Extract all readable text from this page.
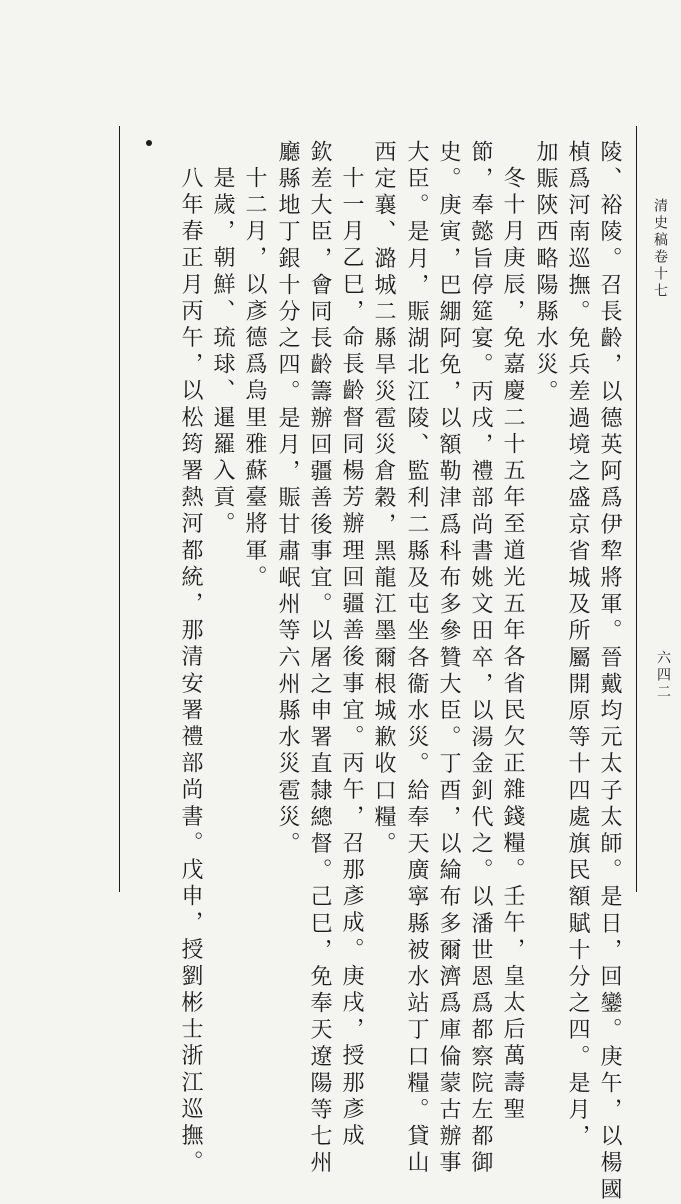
清史稿卷十七
六四二
陵、裕陵。召長齡，以德英阿爲伊犂將軍。晉戴均元太子太師。是日，回鑾。庚午，以楊國
楨爲河南巡撫。免兵差過境之盛京省城及所屬開原等十四處旗民額賦十分之四。是月，
加賑陝西略陽縣水災。
冬十月庚辰，免嘉慶二十五年至道光五年各省民欠正雜錢糧。壬午，皇太后萬壽聖
節，奉懿旨停筵宴。丙戌，禮部尚書姚文田卒，以湯金釗代之。以潘世恩爲都察院左都御
史。庚寅，巴綳阿免，以額勒津爲科布多參贊大臣。丁酉，以綸布多爾濟爲庫倫蒙古辦事
大臣。是月，賑湖北江陵、監利二縣及屯坐各衞水災。給奉天廣寧縣被水站丁口糧。貸山
西定襄、潞城二縣旱災雹災倉穀，黑龍江墨爾根城歉收口糧。
十一月乙巳，命長齡督同楊芳辦理回疆善後事宜。丙午，召那彥成。庚戌，授那彥成
欽差大臣，會同長齡籌辦回疆善後事宜。以屠之申署直隸總督。己巳，免奉天遼陽等七州
廳縣地丁銀十分之四。是月，賑甘肅岷州等六州縣水災雹災。
十二月，以彥德爲烏里雅蘇臺將軍。
是歲，朝鮮、琉球、暹羅入貢。
八年春正月丙午，以松筠署熱河都統，那清安署禮部尚書。戊申，授劉彬士浙江巡撫。
